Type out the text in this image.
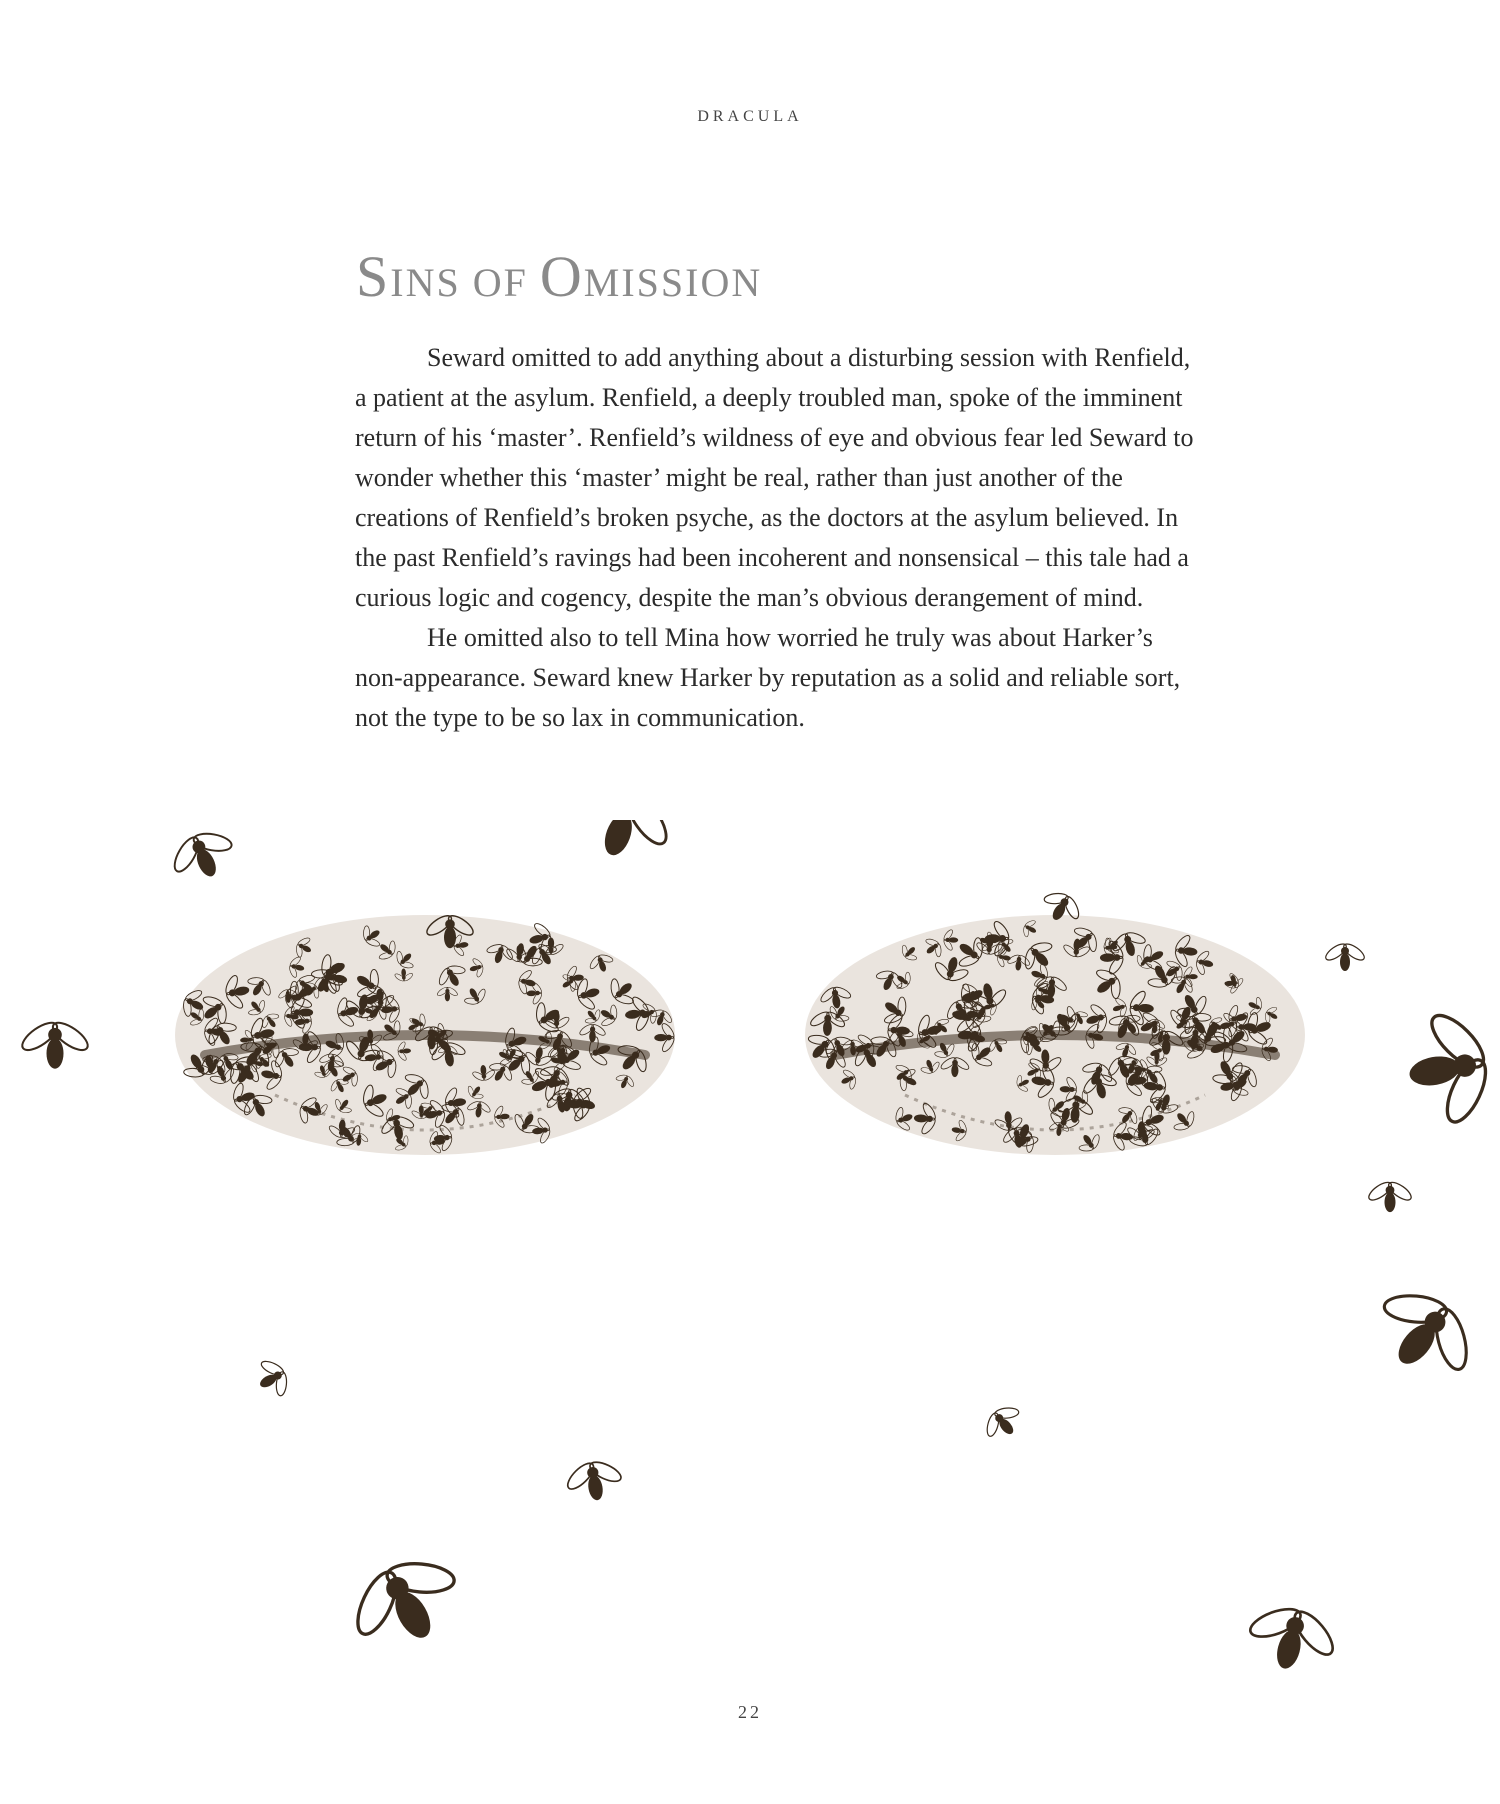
DRACULA
SINS OF OMISSION

Seward omitted to add anything about a disturbing session with Renfield, a patient at the asylum. Renfield, a deeply troubled man, spoke of the imminent return of his ‘master’. Renfield’s wildness of eye and obvious fear led Seward to wonder whether this ‘master’ might be real, rather than just another of the creations of Renfield’s broken psyche, as the doctors at the asylum believed. In the past Renfield’s ravings had been incoherent and nonsensical – this tale had a curious logic and cogency, despite the man’s obvious derangement of mind.

He omitted also to tell Mina how worried he truly was about Harker’s non-appearance. Seward knew Harker by reputation as a solid and reliable sort, not the type to be so lax in communication.

22
